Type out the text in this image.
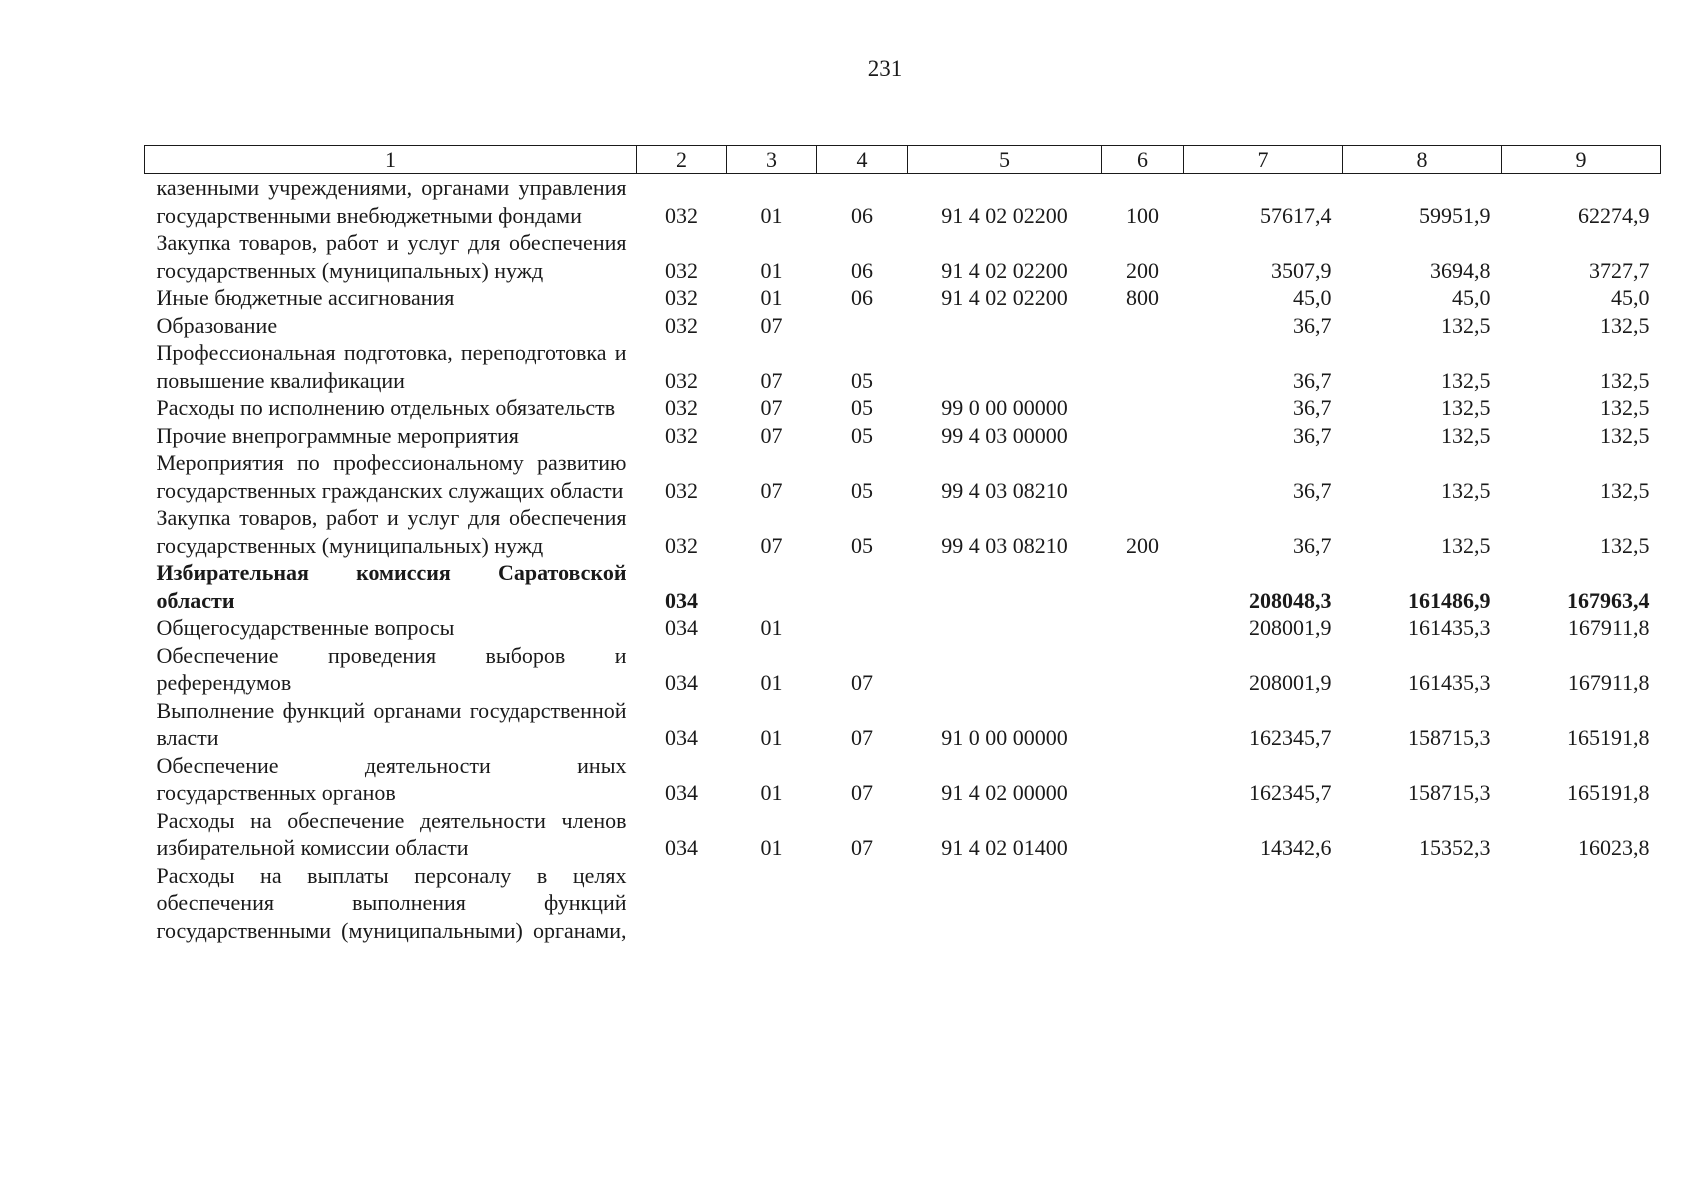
231
1	2	3	4	5	6	7	8	9
казенными учреждениями, органами управления государственными внебюджетными фондами	032	01	06	91 4 02 02200	100	57617,4	59951,9	62274,9
Закупка товаров, работ и услуг для обеспечения государственных (муниципальных) нужд	032	01	06	91 4 02 02200	200	3507,9	3694,8	3727,7
Иные бюджетные ассигнования	032	01	06	91 4 02 02200	800	45,0	45,0	45,0
Образование	032	07				36,7	132,5	132,5
Профессиональная подготовка, переподготовка и повышение квалификации	032	07	05			36,7	132,5	132,5
Расходы по исполнению отдельных обязательств	032	07	05	99 0 00 00000		36,7	132,5	132,5
Прочие внепрограммные мероприятия	032	07	05	99 4 03 00000		36,7	132,5	132,5
Мероприятия по профессиональному развитию государственных гражданских служащих области	032	07	05	99 4 03 08210		36,7	132,5	132,5
Закупка товаров, работ и услуг для обеспечения государственных (муниципальных) нужд	032	07	05	99 4 03 08210	200	36,7	132,5	132,5
Избирательная комиссия Саратовской области	034					208048,3	161486,9	167963,4
Общегосударственные вопросы	034	01				208001,9	161435,3	167911,8
Обеспечение проведения выборов и референдумов	034	01	07			208001,9	161435,3	167911,8
Выполнение функций органами государственной власти	034	01	07	91 0 00 00000		162345,7	158715,3	165191,8
Обеспечение деятельности иных государственных органов	034	01	07	91 4 02 00000		162345,7	158715,3	165191,8
Расходы на обеспечение деятельности членов избирательной комиссии области	034	01	07	91 4 02 01400		14342,6	15352,3	16023,8
Расходы на выплаты персоналу в целях обеспечения выполнения функций государственными (муниципальными) органами,								
